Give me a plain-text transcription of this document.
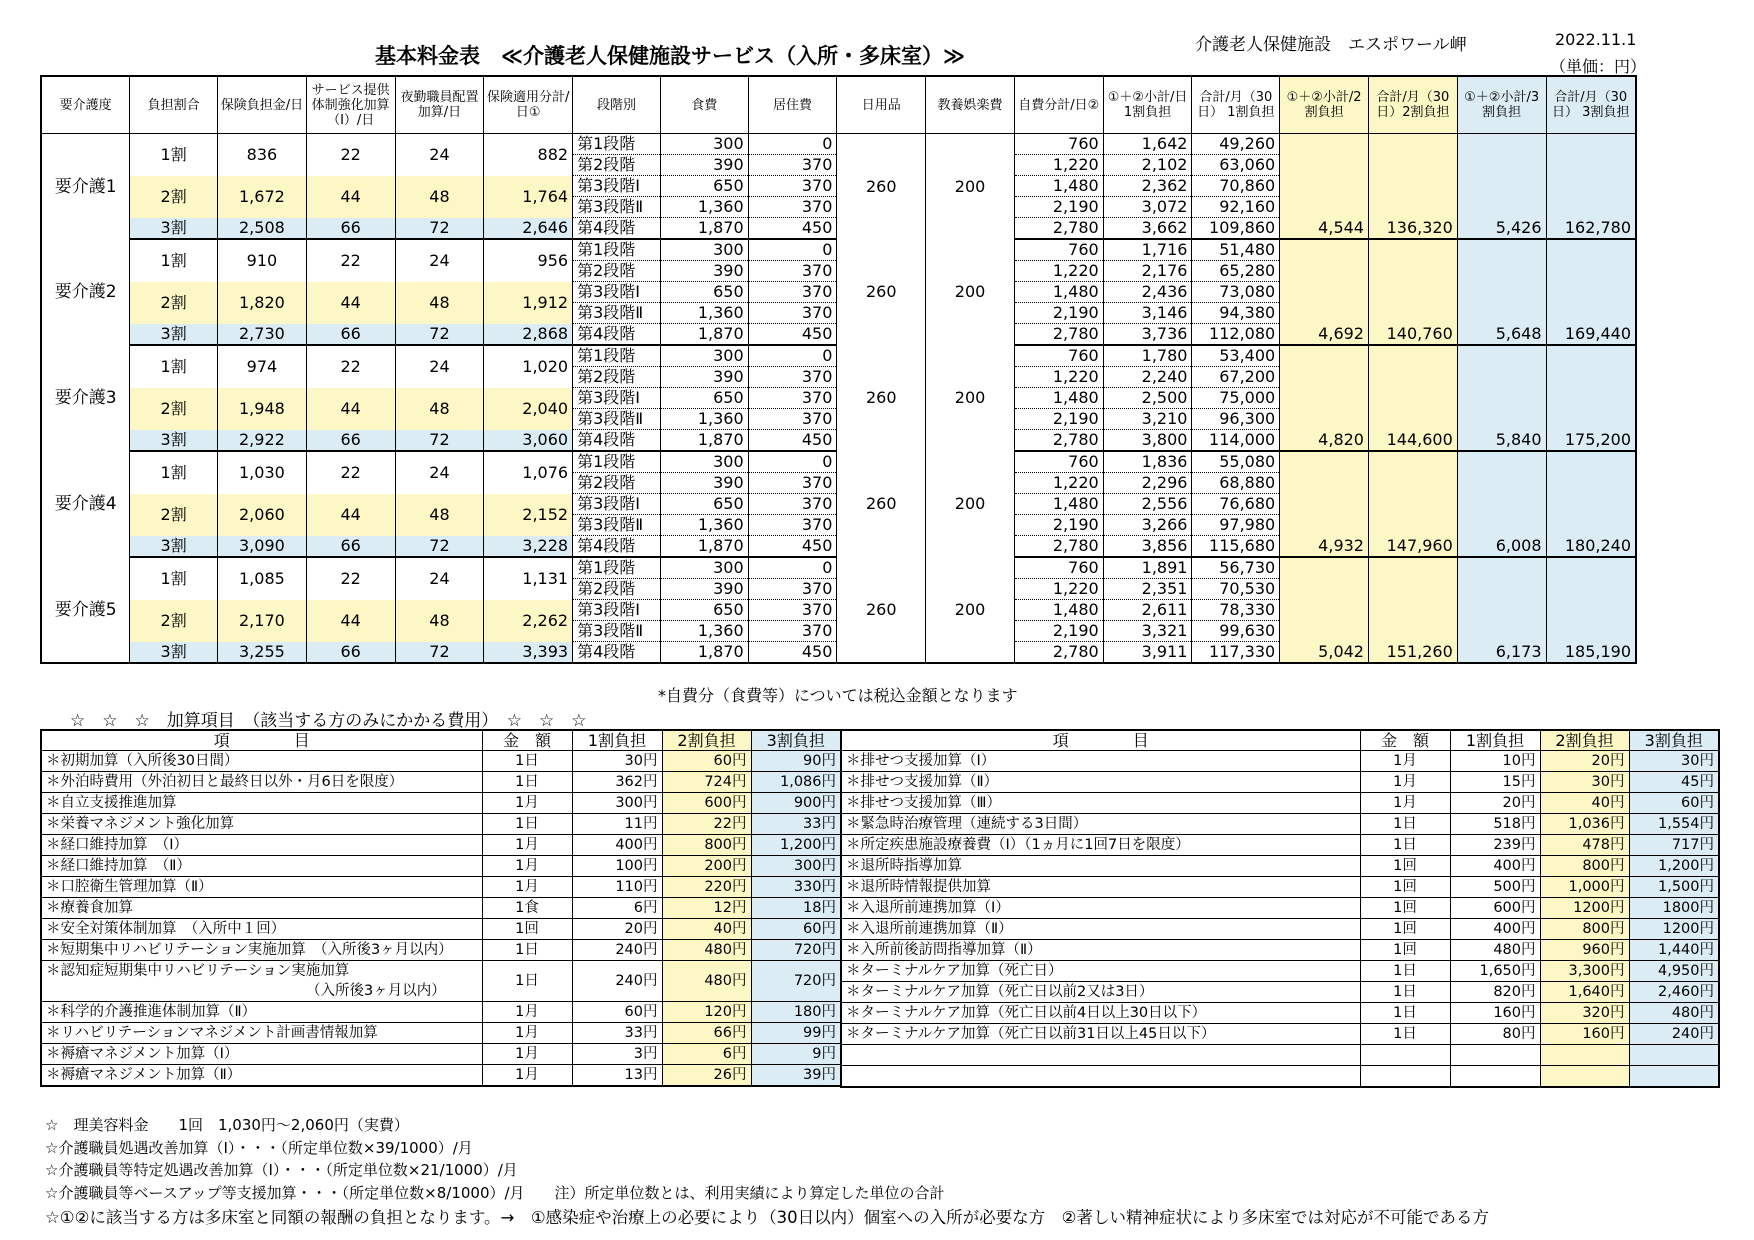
基本料金表　≪介護老人保健施設サービス（入所・多床室）≫	介護老人保健施設　エスポワール岬	2022.11.1
（単価：円）
要介護度	負担割合	保険負担金/日	サービス提供体制強化加算（Ⅰ）/日	夜勤職員配置加算/日	保険適用分計/日①	段階別	食費	居住費	日用品	教養娯楽費	自費分計/日②	①＋②小計/日 1割負担	合計/月（30日） 1割負担	①＋②小計/2割負担	合計/月（30日）2割負担	①＋②小計/3割負担	合計/月（30日） 3割負担
要介護1	1割	836	22	24	882	第1段階	300	0	260	200	760	1,642	49,260				
						第2段階	390	370			1,220	2,102	63,060				
	2割	1,672	44	48	1,764	第3段階Ⅰ	650	370			1,480	2,362	70,860				
						第3段階Ⅱ	1,360	370			2,190	3,072	92,160				
	3割	2,508	66	72	2,646	第4段階	1,870	450			2,780	3,662	109,860	4,544	136,320	5,426	162,780
要介護2	1割	910	22	24	956	第1段階	300	0	260	200	760	1,716	51,480				
						第2段階	390	370			1,220	2,176	65,280				
	2割	1,820	44	48	1,912	第3段階Ⅰ	650	370			1,480	2,436	73,080				
						第3段階Ⅱ	1,360	370			2,190	3,146	94,380				
	3割	2,730	66	72	2,868	第4段階	1,870	450			2,780	3,736	112,080	4,692	140,760	5,648	169,440
要介護3	1割	974	22	24	1,020	第1段階	300	0	260	200	760	1,780	53,400				
						第2段階	390	370			1,220	2,240	67,200				
	2割	1,948	44	48	2,040	第3段階Ⅰ	650	370			1,480	2,500	75,000				
						第3段階Ⅱ	1,360	370			2,190	3,210	96,300				
	3割	2,922	66	72	3,060	第4段階	1,870	450			2,780	3,800	114,000	4,820	144,600	5,840	175,200
要介護4	1割	1,030	22	24	1,076	第1段階	300	0	260	200	760	1,836	55,080				
						第2段階	390	370			1,220	2,296	68,880				
	2割	2,060	44	48	2,152	第3段階Ⅰ	650	370			1,480	2,556	76,680				
						第3段階Ⅱ	1,360	370			2,190	3,266	97,980				
	3割	3,090	66	72	3,228	第4段階	1,870	450			2,780	3,856	115,680	4,932	147,960	6,008	180,240
要介護5	1割	1,085	22	24	1,131	第1段階	300	0	260	200	760	1,891	56,730				
						第2段階	390	370			1,220	2,351	70,530				
	2割	2,170	44	48	2,262	第3段階Ⅰ	650	370			1,480	2,611	78,330				
						第3段階Ⅱ	1,360	370			2,190	3,321	99,630				
	3割	3,255	66	72	3,393	第4段階	1,870	450			2,780	3,911	117,330	5,042	151,260	6,173	185,190
*自費分（食費等）については税込金額となります
☆　☆　☆　加算項目　（該当する方のみにかかる費用）　☆　☆　☆
項　　　　目	金　額	1割負担	2割負担	3割負担
＊初期加算（入所後30日間）	1日	30円	60円	90円
＊外泊時費用（外泊初日と最終日以外・月6日を限度）	1日	362円	724円	1,086円
＊自立支援推進加算	1月	300円	600円	900円
＊栄養マネジメント強化加算	1日	11円	22円	33円
＊経口維持加算　（Ⅰ）	1月	400円	800円	1,200円
＊経口維持加算　（Ⅱ）	1月	100円	200円	300円
＊口腔衛生管理加算（Ⅱ）	1月	110円	220円	330円
＊療養食加算	1食	6円	12円	18円
＊安全対策体制加算　（入所中１回）	1回	20円	40円	60円
＊短期集中リハビリテーション実施加算　（入所後3ヶ月以内）	1日	240円	480円	720円
＊認知症短期集中リハビリテーション実施加算

（入所後3ヶ月以内）	1日	240円	480円	720円
＊科学的介護推進体制加算（Ⅱ）	1月	60円	120円	180円
＊リハビリテーションマネジメント計画書情報加算	1月	33円	66円	99円
＊褥瘡マネジメント加算（Ⅰ）	1月	3円	6円	9円
＊褥瘡マネジメント加算（Ⅱ）	1月	13円	26円	39円
項　　　　目	金　額	1割負担	2割負担	3割負担
＊排せつ支援加算（Ⅰ）	1月	10円	20円	30円
＊排せつ支援加算（Ⅱ）	1月	15円	30円	45円
＊排せつ支援加算（Ⅲ）	1月	20円	40円	60円
＊緊急時治療管理（連続する3日間）	1日	518円	1,036円	1,554円
＊所定疾患施設療養費（Ⅰ）（1ヵ月に1回7日を限度）	1日	239円	478円	717円
＊退所時指導加算	1回	400円	800円	1,200円
＊退所時情報提供加算	1回	500円	1,000円	1,500円
＊入退所前連携加算（Ⅰ）	1回	600円	1200円	1800円
＊入退所前連携加算（Ⅱ）	1回	400円	800円	1200円
＊入所前後訪問指導加算（Ⅱ）	1回	480円	960円	1,440円
＊ターミナルケア加算（死亡日）	1日	1,650円	3,300円	4,950円
＊ターミナルケア加算（死亡日以前2又は3日）	1日	820円	1,640円	2,460円
＊ターミナルケア加算（死亡日以前4日以上30日以下）	1日	160円	320円	480円
＊ターミナルケア加算（死亡日以前31日以上45日以下）	1日	80円	160円	240円

☆　理美容料金　　1回　1,030円～2,060円（実費）
☆介護職員処遇改善加算（Ⅰ）・・・（所定単位数×39/1000）/月
☆介護職員等特定処遇改善加算（Ⅰ）・・・（所定単位数×21/1000）/月
☆介護職員等ベースアップ等支援加算・・・（所定単位数×8/1000）/月　　注）所定単位数とは、利用実績により算定した単位の合計
☆①②に該当する方は多床室と同額の報酬の負担となります。→　①感染症や治療上の必要により（30日以内）個室への入所が必要な方　②著しい精神症状により多床室では対応が不可能である方
